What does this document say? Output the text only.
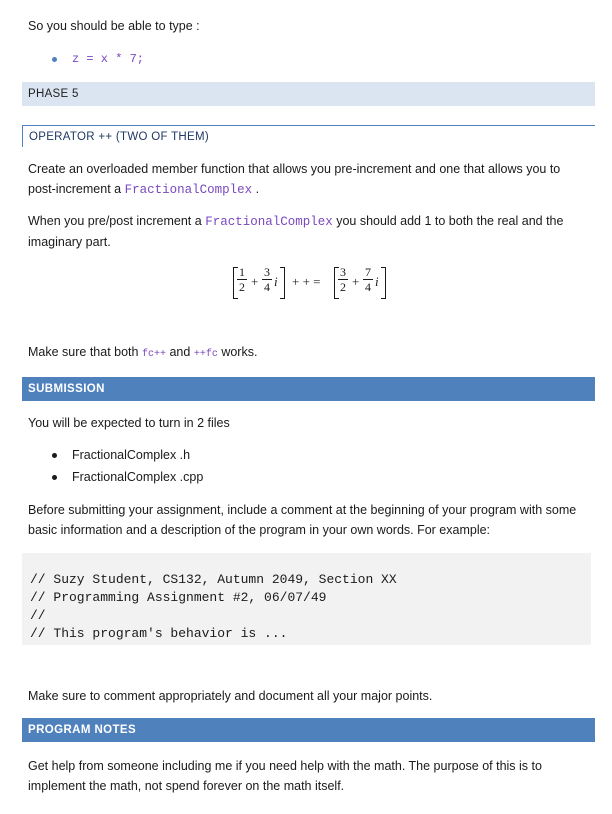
So you should be able to type :
z = x * 7;
PHASE 5
OPERATOR ++ (TWO OF THEM)
Create an overloaded member function that allows you pre-increment and one that allows you to post-increment a FractionalComplex .
When you pre/post increment a FractionalComplex you should add 1 to both the real and the imaginary part.
1
2 +
3
4 i + + =
3
2 +
7
4 i
Make sure that both fc++ and ++fc works.
SUBMISSION
You will be expected to turn in 2 files
FractionalComplex .h
FractionalComplex .cpp
Before submitting your assignment, include a comment at the beginning of your program with some basic information and a description of the program in your own words. For example:
// Suzy Student, CS132, Autumn 2049, Section XX
// Programming Assignment #2, 06/07/49
//
// This program's behavior is ...
Make sure to comment appropriately and document all your major points.
PROGRAM NOTES
Get help from someone including me if you need help with the math. The purpose of this is to implement the math, not spend forever on the math itself.
